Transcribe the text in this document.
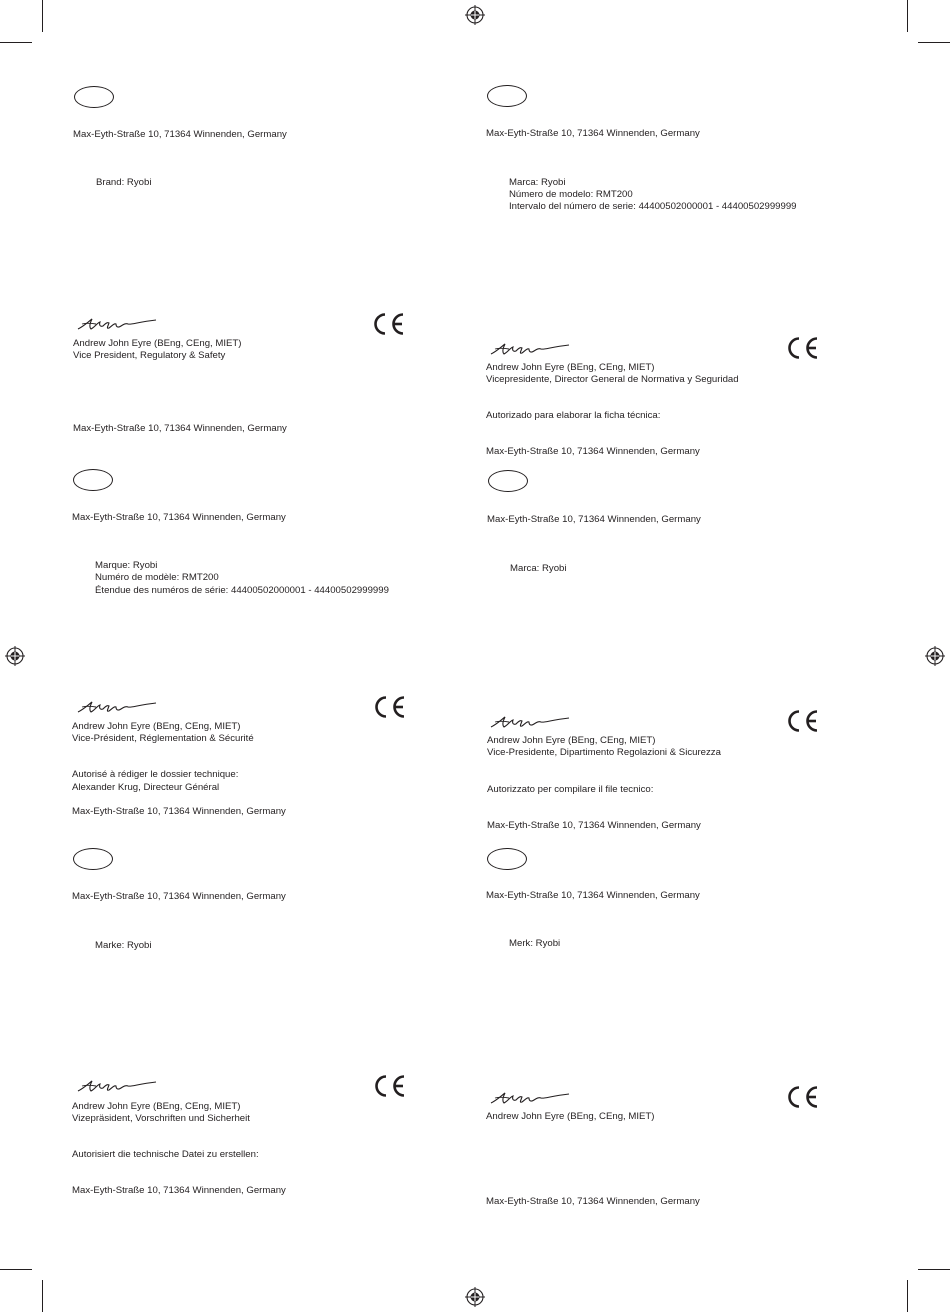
Max-Eyth-Straße 10, 71364 Winnenden, Germany
Brand: Ryobi
Andrew John Eyre (BEng, CEng, MIET)
Vice President, Regulatory & Safety
Max-Eyth-Straße 10, 71364 Winnenden, Germany
Max-Eyth-Straße 10, 71364 Winnenden, Germany
Marca: Ryobi
Número de modelo: RMT200
Intervalo del número de serie: 44400502000001 - 44400502999999
Andrew John Eyre (BEng, CEng, MIET)
Vicepresidente, Director General de Normativa y Seguridad
Autorizado para elaborar la ficha técnica:
Max-Eyth-Straße 10, 71364 Winnenden, Germany
Max-Eyth-Straße 10, 71364 Winnenden, Germany
Marque: Ryobi
Numéro de modèle: RMT200
Étendue des numéros de série: 44400502000001 - 44400502999999
Andrew John Eyre (BEng, CEng, MIET)
Vice-Président, Réglementation & Sécurité
Autorisé à rédiger le dossier technique:
Alexander Krug, Directeur Général
Max-Eyth-Straße 10, 71364 Winnenden, Germany
Max-Eyth-Straße 10, 71364 Winnenden, Germany
Marca: Ryobi
Andrew John Eyre (BEng, CEng, MIET)
Vice-Presidente, Dipartimento Regolazioni & Sicurezza
Autorizzato per compilare il file tecnico:
Max-Eyth-Straße 10, 71364 Winnenden, Germany
Max-Eyth-Straße 10, 71364 Winnenden, Germany
Marke: Ryobi
Andrew John Eyre (BEng, CEng, MIET)
Vizepräsident, Vorschriften und Sicherheit
Autorisiert die technische Datei zu erstellen:
Max-Eyth-Straße 10, 71364 Winnenden, Germany
Max-Eyth-Straße 10, 71364 Winnenden, Germany
Merk: Ryobi
Andrew John Eyre (BEng, CEng, MIET)
Max-Eyth-Straße 10, 71364 Winnenden, Germany
